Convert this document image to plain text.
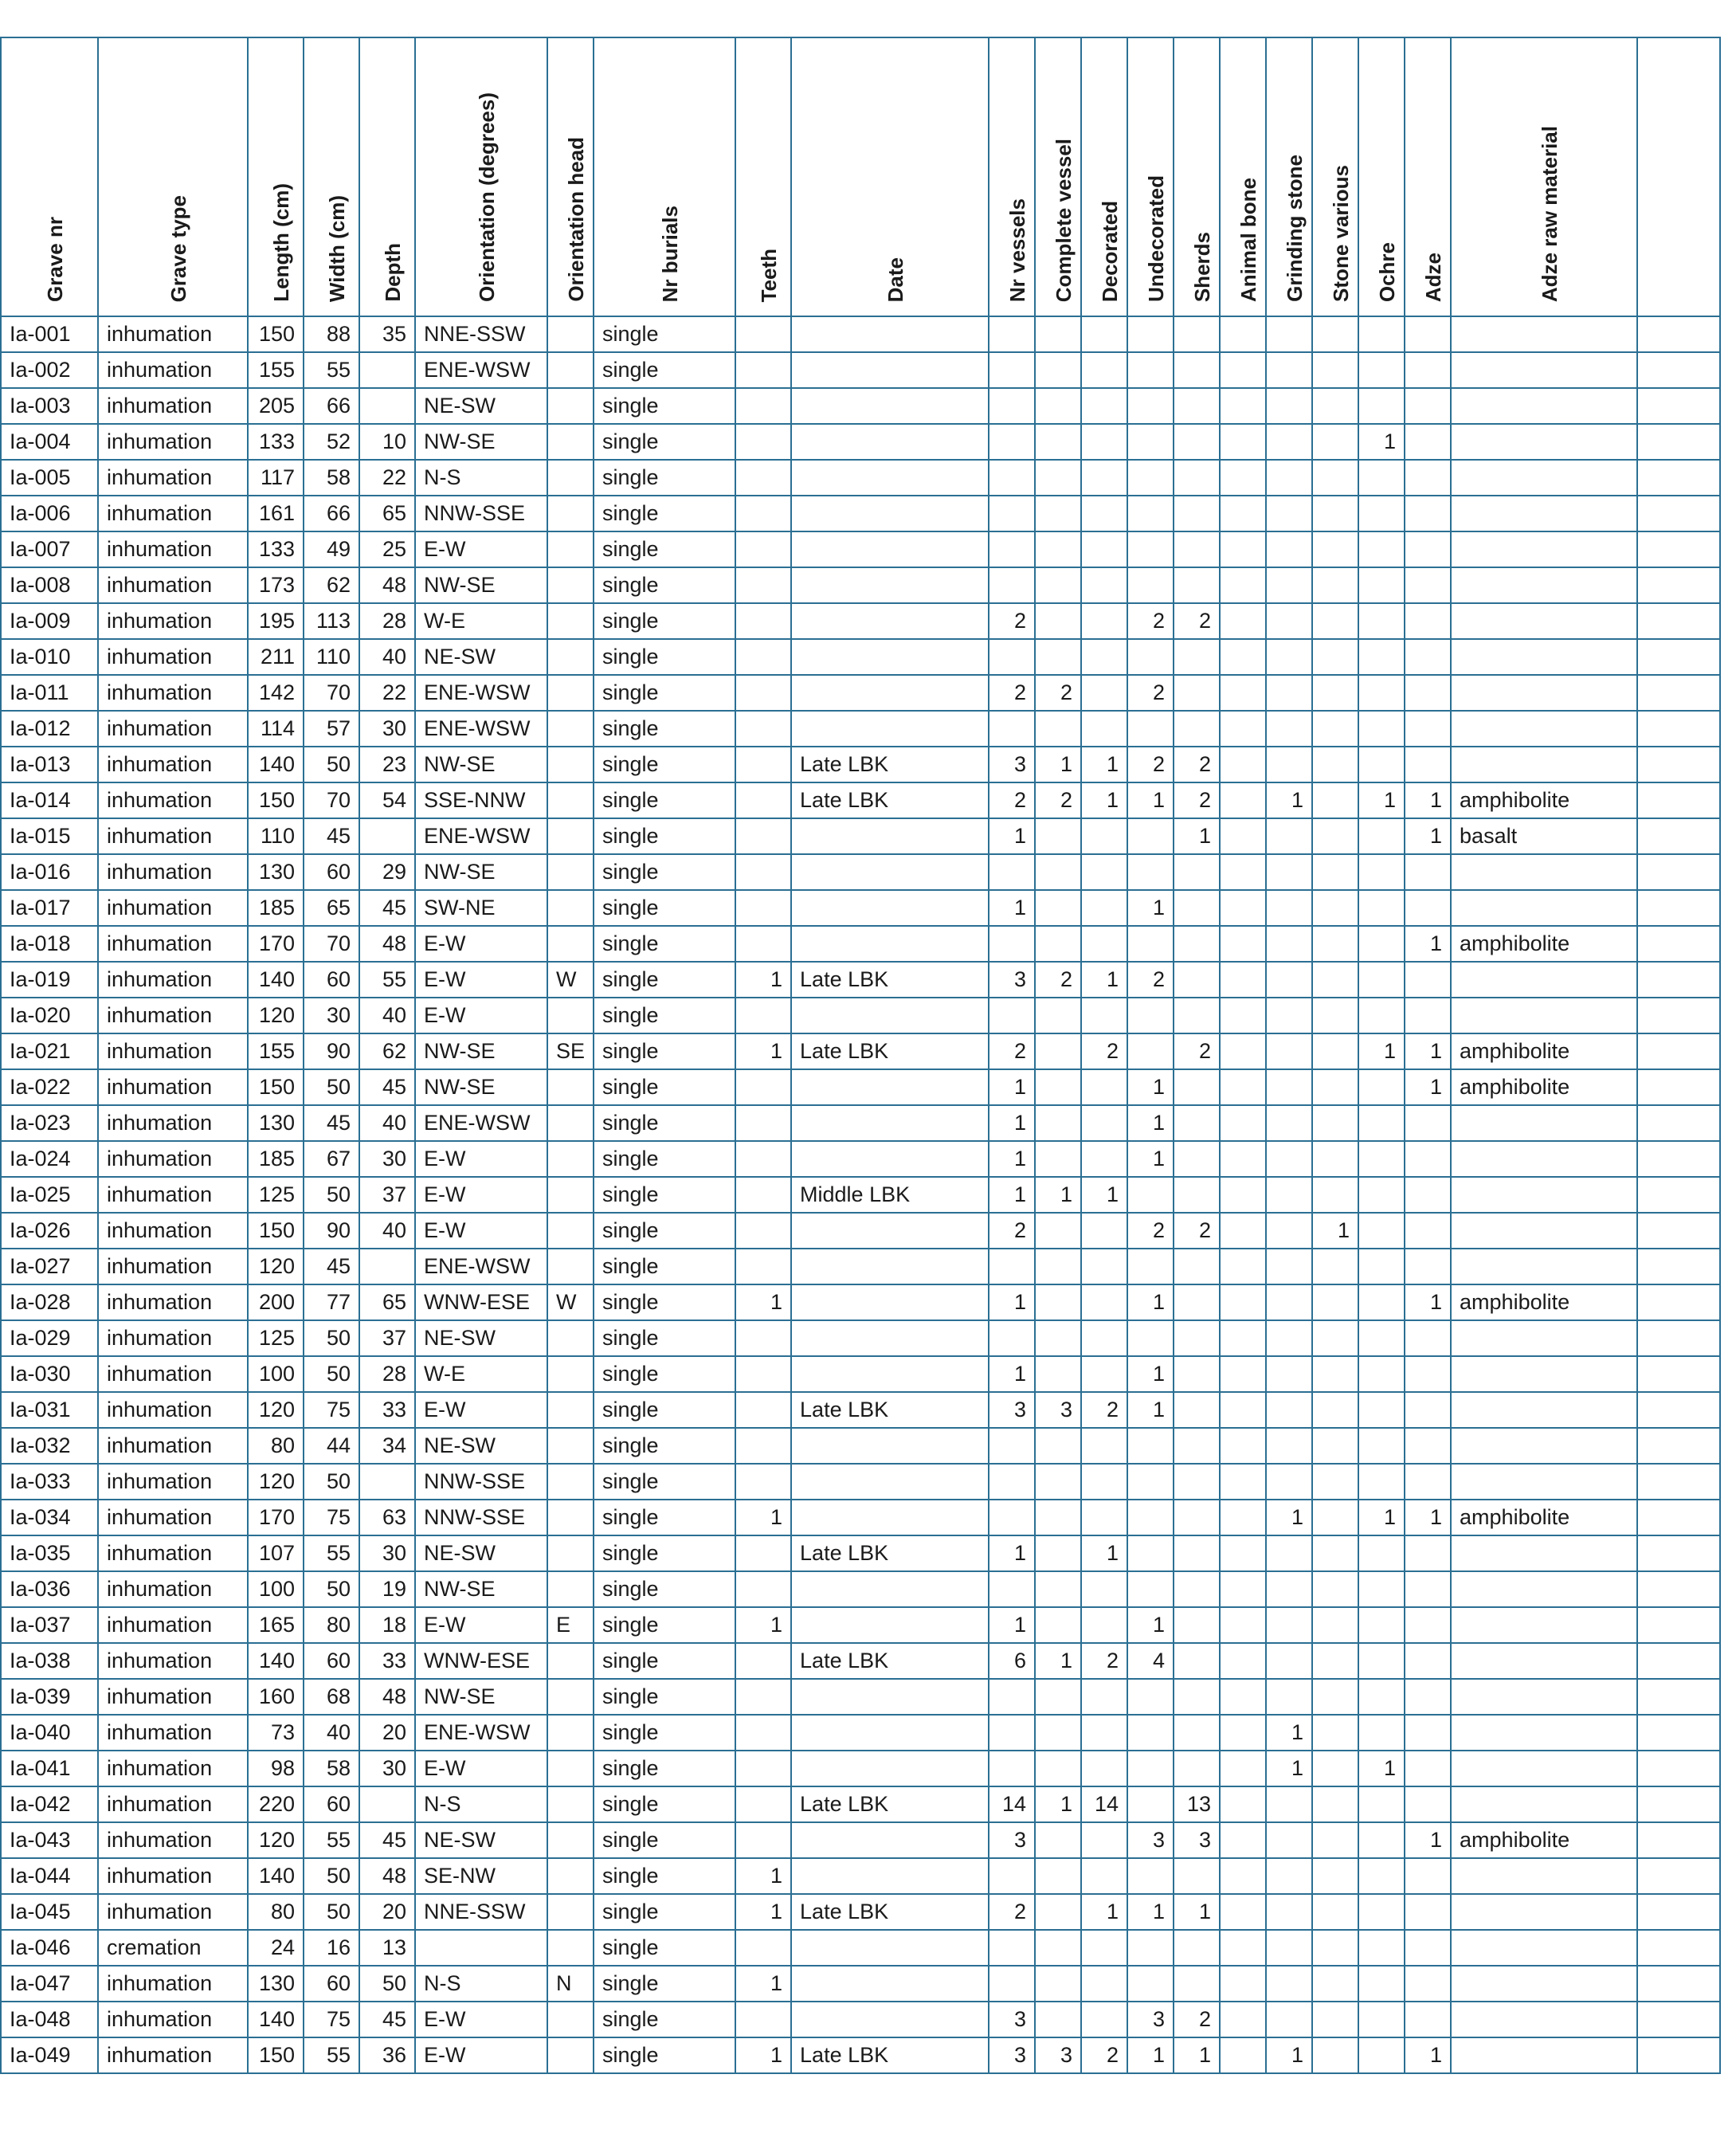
Grave nr	Grave type	Length (cm)	Width (cm)	Depth	Orientation (degrees)	Orientation head	Nr burials	Teeth	Date	Nr vessels	Complete vessel	Decorated	Undecorated	Sherds	Animal bone	Grinding stone	Stone various	Ochre	Adze	Adze raw material	
Ia-001	inhumation	150	88	35	NNE-SSW		single														
Ia-002	inhumation	155	55		ENE-WSW		single														
Ia-003	inhumation	205	66		NE-SW		single														
Ia-004	inhumation	133	52	10	NW-SE		single											1			
Ia-005	inhumation	117	58	22	N-S		single														
Ia-006	inhumation	161	66	65	NNW-SSE		single														
Ia-007	inhumation	133	49	25	E-W		single														
Ia-008	inhumation	173	62	48	NW-SE		single														
Ia-009	inhumation	195	113	28	W-E		single			2			2	2							
Ia-010	inhumation	211	110	40	NE-SW		single														
Ia-011	inhumation	142	70	22	ENE-WSW		single			2	2		2								
Ia-012	inhumation	114	57	30	ENE-WSW		single														
Ia-013	inhumation	140	50	23	NW-SE		single		Late LBK	3	1	1	2	2							
Ia-014	inhumation	150	70	54	SSE-NNW		single		Late LBK	2	2	1	1	2		1		1	1	amphibolite	
Ia-015	inhumation	110	45		ENE-WSW		single			1				1					1	basalt	
Ia-016	inhumation	130	60	29	NW-SE		single														
Ia-017	inhumation	185	65	45	SW-NE		single			1			1								
Ia-018	inhumation	170	70	48	E-W		single												1	amphibolite	
Ia-019	inhumation	140	60	55	E-W	W	single	1	Late LBK	3	2	1	2								
Ia-020	inhumation	120	30	40	E-W		single														
Ia-021	inhumation	155	90	62	NW-SE	SE	single	1	Late LBK	2		2		2				1	1	amphibolite	
Ia-022	inhumation	150	50	45	NW-SE		single			1			1						1	amphibolite	
Ia-023	inhumation	130	45	40	ENE-WSW		single			1			1								
Ia-024	inhumation	185	67	30	E-W		single			1			1								
Ia-025	inhumation	125	50	37	E-W		single		Middle LBK	1	1	1									
Ia-026	inhumation	150	90	40	E-W		single			2			2	2			1				
Ia-027	inhumation	120	45		ENE-WSW		single														
Ia-028	inhumation	200	77	65	WNW-ESE	W	single	1		1			1						1	amphibolite	
Ia-029	inhumation	125	50	37	NE-SW		single														
Ia-030	inhumation	100	50	28	W-E		single			1			1								
Ia-031	inhumation	120	75	33	E-W		single		Late LBK	3	3	2	1								
Ia-032	inhumation	80	44	34	NE-SW		single														
Ia-033	inhumation	120	50		NNW-SSE		single														
Ia-034	inhumation	170	75	63	NNW-SSE		single	1								1		1	1	amphibolite	
Ia-035	inhumation	107	55	30	NE-SW		single		Late LBK	1		1									
Ia-036	inhumation	100	50	19	NW-SE		single														
Ia-037	inhumation	165	80	18	E-W	E	single	1		1			1								
Ia-038	inhumation	140	60	33	WNW-ESE		single		Late LBK	6	1	2	4								
Ia-039	inhumation	160	68	48	NW-SE		single														
Ia-040	inhumation	73	40	20	ENE-WSW		single									1					
Ia-041	inhumation	98	58	30	E-W		single									1		1			
Ia-042	inhumation	220	60		N-S		single		Late LBK	14	1	14		13							
Ia-043	inhumation	120	55	45	NE-SW		single			3			3	3					1	amphibolite	
Ia-044	inhumation	140	50	48	SE-NW		single	1													
Ia-045	inhumation	80	50	20	NNE-SSW		single	1	Late LBK	2		1	1	1							
Ia-046	cremation	24	16	13			single														
Ia-047	inhumation	130	60	50	N-S	N	single	1													
Ia-048	inhumation	140	75	45	E-W		single			3			3	2							
Ia-049	inhumation	150	55	36	E-W		single	1	Late LBK	3	3	2	1	1		1			1		
